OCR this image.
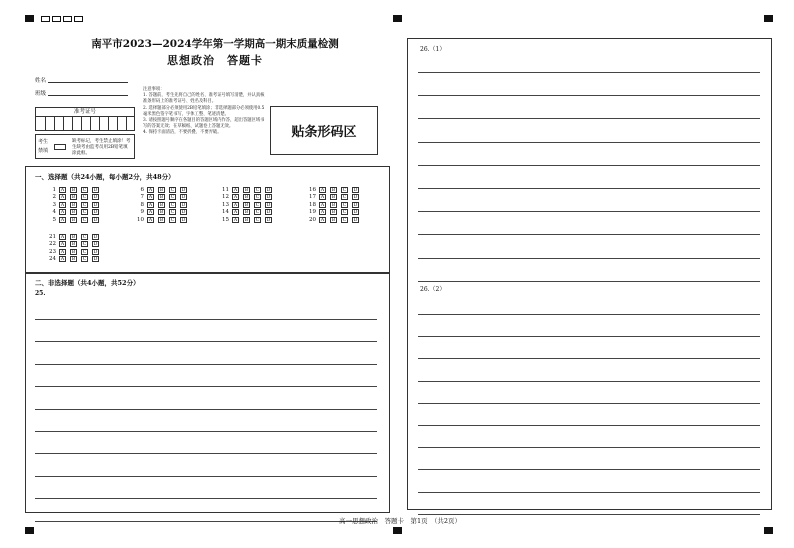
南平市2023—2024学年第一学期高一期末质量检测
思想政治　答题卡
姓名
班级
准考证号
考生禁填
缺考标记，考生禁止填涂！考生缺考由监考员用2B铅笔填涂此框。
注意事项：
1. 答题前，考生先将自己的姓名、准考证号填写清楚，并认真核准条形码上的准考证号、姓名及科目。
2. 选择题部分必须使用2B铅笔填涂；非选择题部分必须使用0.5毫米黑色签字笔书写，字体工整、笔迹清楚。
3. 请按照题号顺序在各题目的答题区域内作答，超出答题区域书写的答案无效；在草稿纸、试题卷上答题无效。
4. 保持卡面清洁，不要折叠、不要弄破。	贴条形码区
一、选择题（共24小题，每小题2分，共48分）
1	A	B	C	D
2	A	B	C	D
3	A	B	C	D
4	A	B	C	D
5	A	B	C	D
6	A	B	C	D
7	A	B	C	D
8	A	B	C	D
9	A	B	C	D
10	A	B	C	D
11	A	B	C	D
12	A	B	C	D
13	A	B	C	D
14	A	B	C	D
15	A	B	C	D
16	A	B	C	D
17	A	B	C	D
18	A	B	C	D
19	A	B	C	D
20	A	B	C	D
21	A	B	C	D
22	A	B	C	D
23	A	B	C	D
24	A	B	C	D
二、非选择题（共4小题，共52分）
25.
26.（1）
26.（2）
高一思想政治　答题卡　第1页　（共2页）
